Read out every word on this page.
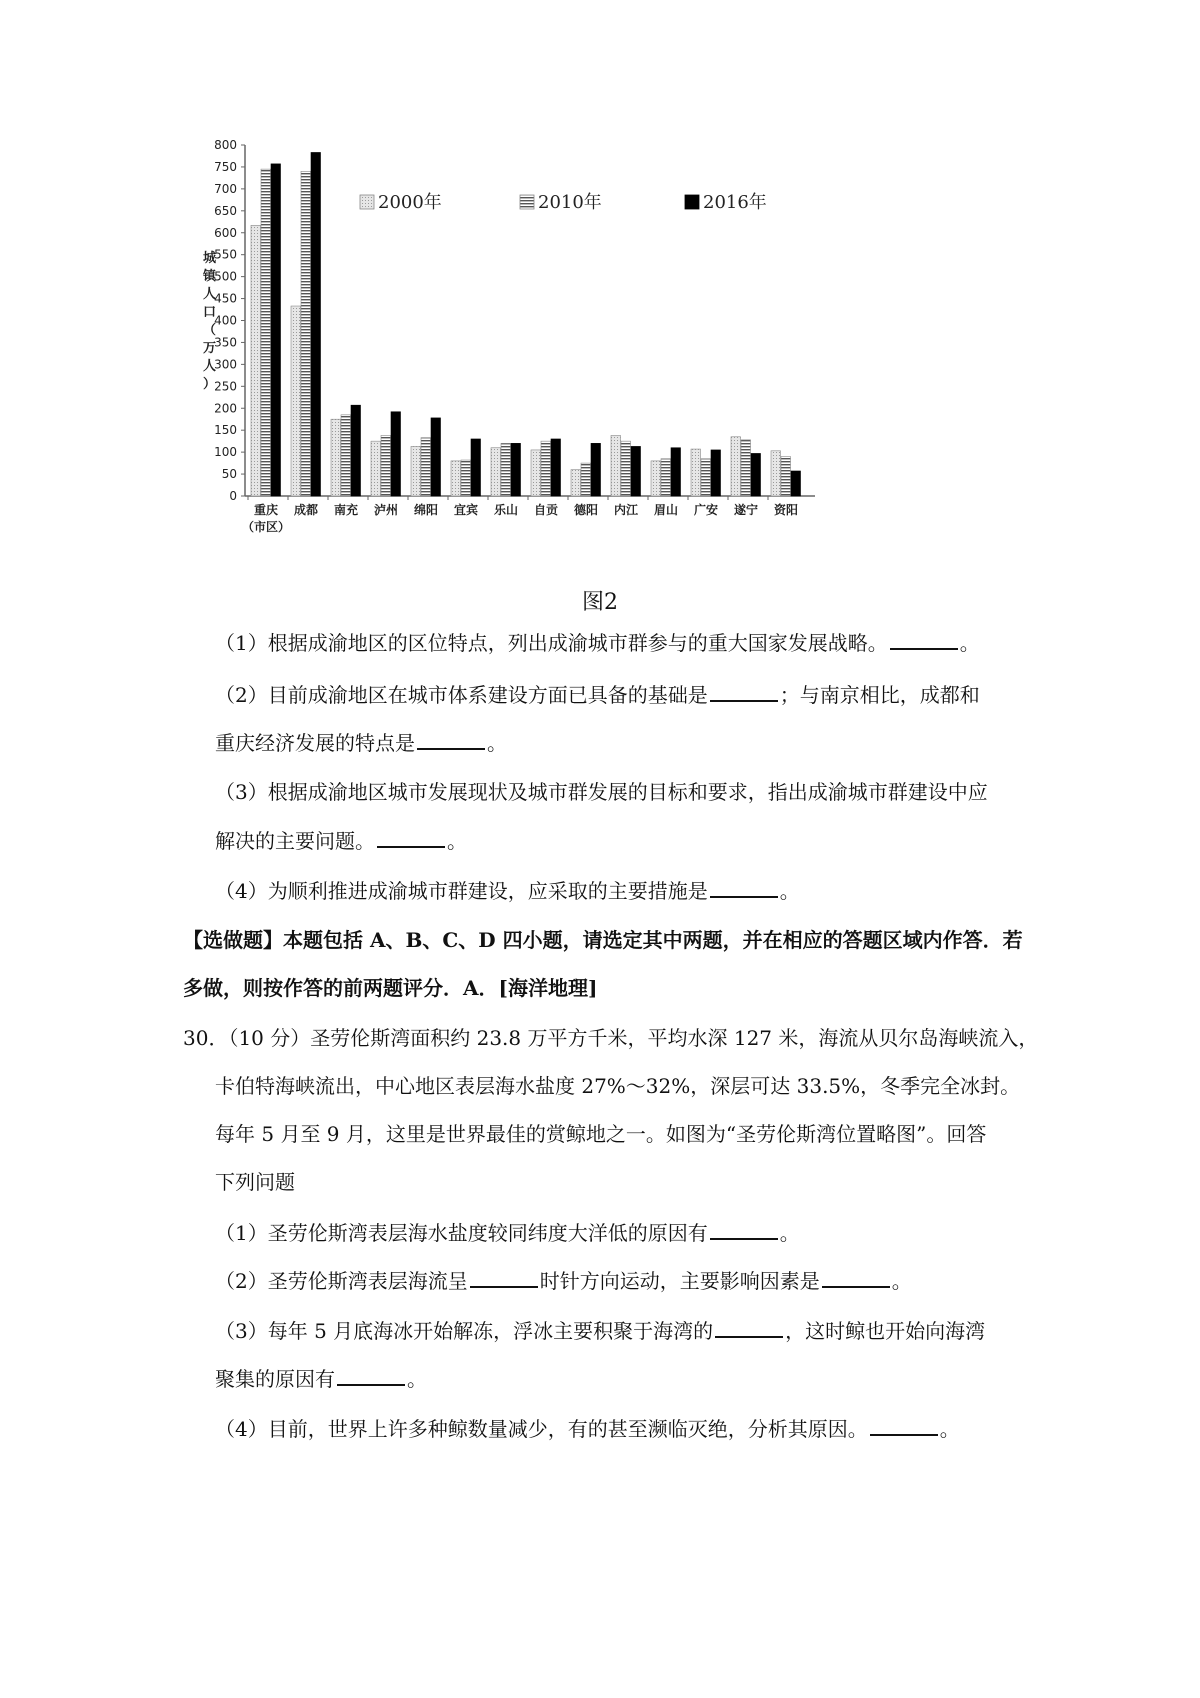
0
50
100
150
200
250
300
350
400
450
500
550
600
650
700
750
800
城镇人口（万人）
重庆
（市区）
成都 南充 泸州 绵阳 宜宾 乐山 自贡 德阳 内江 眉山 广安 遂宁 资阳
2000年	2010年	2016年
图2
（1）根据成渝地区的区位特点，列出成渝城市群参与的重大国家发展战略。	。
（2）目前成渝地区在城市体系建设方面已具备的基础是	；与南京相比，成都和
重庆经济发展的特点是	。
（3）根据成渝地区城市发展现状及城市群发展的目标和要求，指出成渝城市群建设中应
解决的主要问题。	。
（4）为顺利推进成渝城市群建设，应采取的主要措施是	。
【选做题】本题包括 A、B、C、D 四小题，请选定其中两题，并在相应的答题区域内作答．若
多做，则按作答的前两题评分．A．[海洋地理]
30．（10 分）圣劳伦斯湾面积约 23.8 万平方千米，平均水深 127 米，海流从贝尔岛海峡流入，
卡伯特海峡流出，中心地区表层海水盐度 27%～32%，深层可达 33.5%，冬季完全冰封。
每年 5 月至 9 月，这里是世界最佳的赏鲸地之一。如图为“圣劳伦斯湾位置略图”。回答
下列问题
（1）圣劳伦斯湾表层海水盐度较同纬度大洋低的原因有	。
（2）圣劳伦斯湾表层海流呈	时针方向运动，主要影响因素是	。
（3）每年 5 月底海冰开始解冻，浮冰主要积聚于海湾的	，这时鲸也开始向海湾
聚集的原因有	。
（4）目前，世界上许多种鲸数量减少，有的甚至濒临灭绝，分析其原因。	。
